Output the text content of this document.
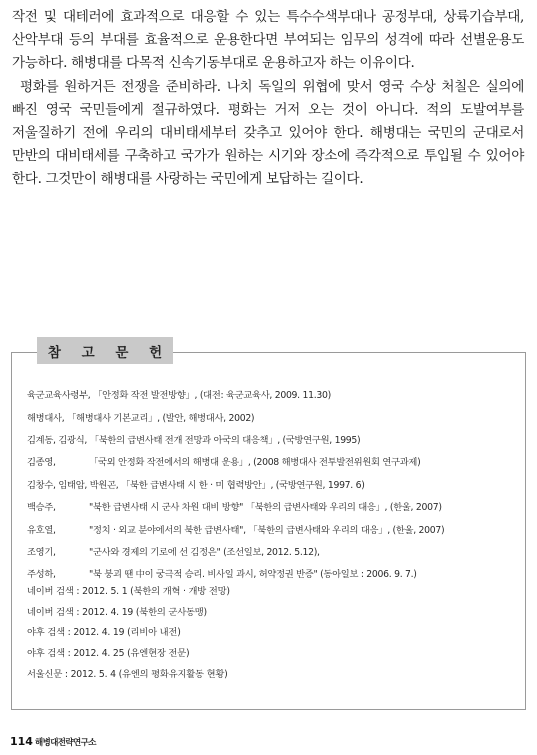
작전 및 대테러에 효과적으로 대응할 수 있는 특수수색부대나 공정부대, 상륙기습부대, 산악부대 등의 부대를 효율적으로 운용한다면 부여되는 임무의 성격에 따라 선별운용도 가능하다. 해병대를 다목적 신속기동부대로 운용하고자 하는 이유이다.

평화를 원하거든 전쟁을 준비하라. 나치 독일의 위협에 맞서 영국 수상 처칠은 실의에 빠진 영국 국민들에게 절규하였다. 평화는 거저 오는 것이 아니다. 적의 도발여부를 저울질하기 전에 우리의 대비태세부터 갖추고 있어야 한다. 해병대는 국민의 군대로서 만반의 대비태세를 구축하고 국가가 원하는 시기와 장소에 즉각적으로 투입될 수 있어야 한다. 그것만이 해병대를 사랑하는 국민에게 보답하는 길이다.

참 고 문 헌
육군교육사령부, 「안정화 작전 발전방향」, (대전: 육군교육사, 2009. 11.30)
해병대사, 「해병대사 기본교리」, (발안, 해병대사, 2002)
김계동, 김광식, 「북한의 급변사태 전개 전망과 아국의 대응책」, (국방연구원, 1995)
김종영,	「국외 안정화 작전에서의 해병대 운용」, (2008 해병대사 전투발전위원회 연구과제)
김창수, 임태암, 박원곤, 「북한 급변사태 시 한 · 미 협력방안」, (국방연구원, 1997. 6)
백승주,	"북한 급변사태 시 군사 차원 대비 방향" 「북한의 급변사태와 우리의 대응」, (한울, 2007)
유호열,	"정치 · 외교 분야에서의 북한 급변사태", 「북한의 급변사태와 우리의 대응」, (한울, 2007)
조영기,	"군사와 경제의 기로에 선 김정은" (조선일보, 2012. 5.12),
주성하,	"북 붕괴 땐 中이 궁극적 승리. 비사일 과시, 허약정권 반증" (동아일보 : 2006. 9. 7.)
네이버 검색 : 2012. 5. 1 (북한의 개혁 · 개방 전망)
네이버 검색 : 2012. 4. 19 (북한의 군사동맹)
야후 검색 : 2012. 4. 19 (리비아 내전)
야후 검색 : 2012. 4. 25 (유엔현장 전문)
서울신문 : 2012. 5. 4 (유엔의 평화유지활동 현황)
114 해병대전략연구소
